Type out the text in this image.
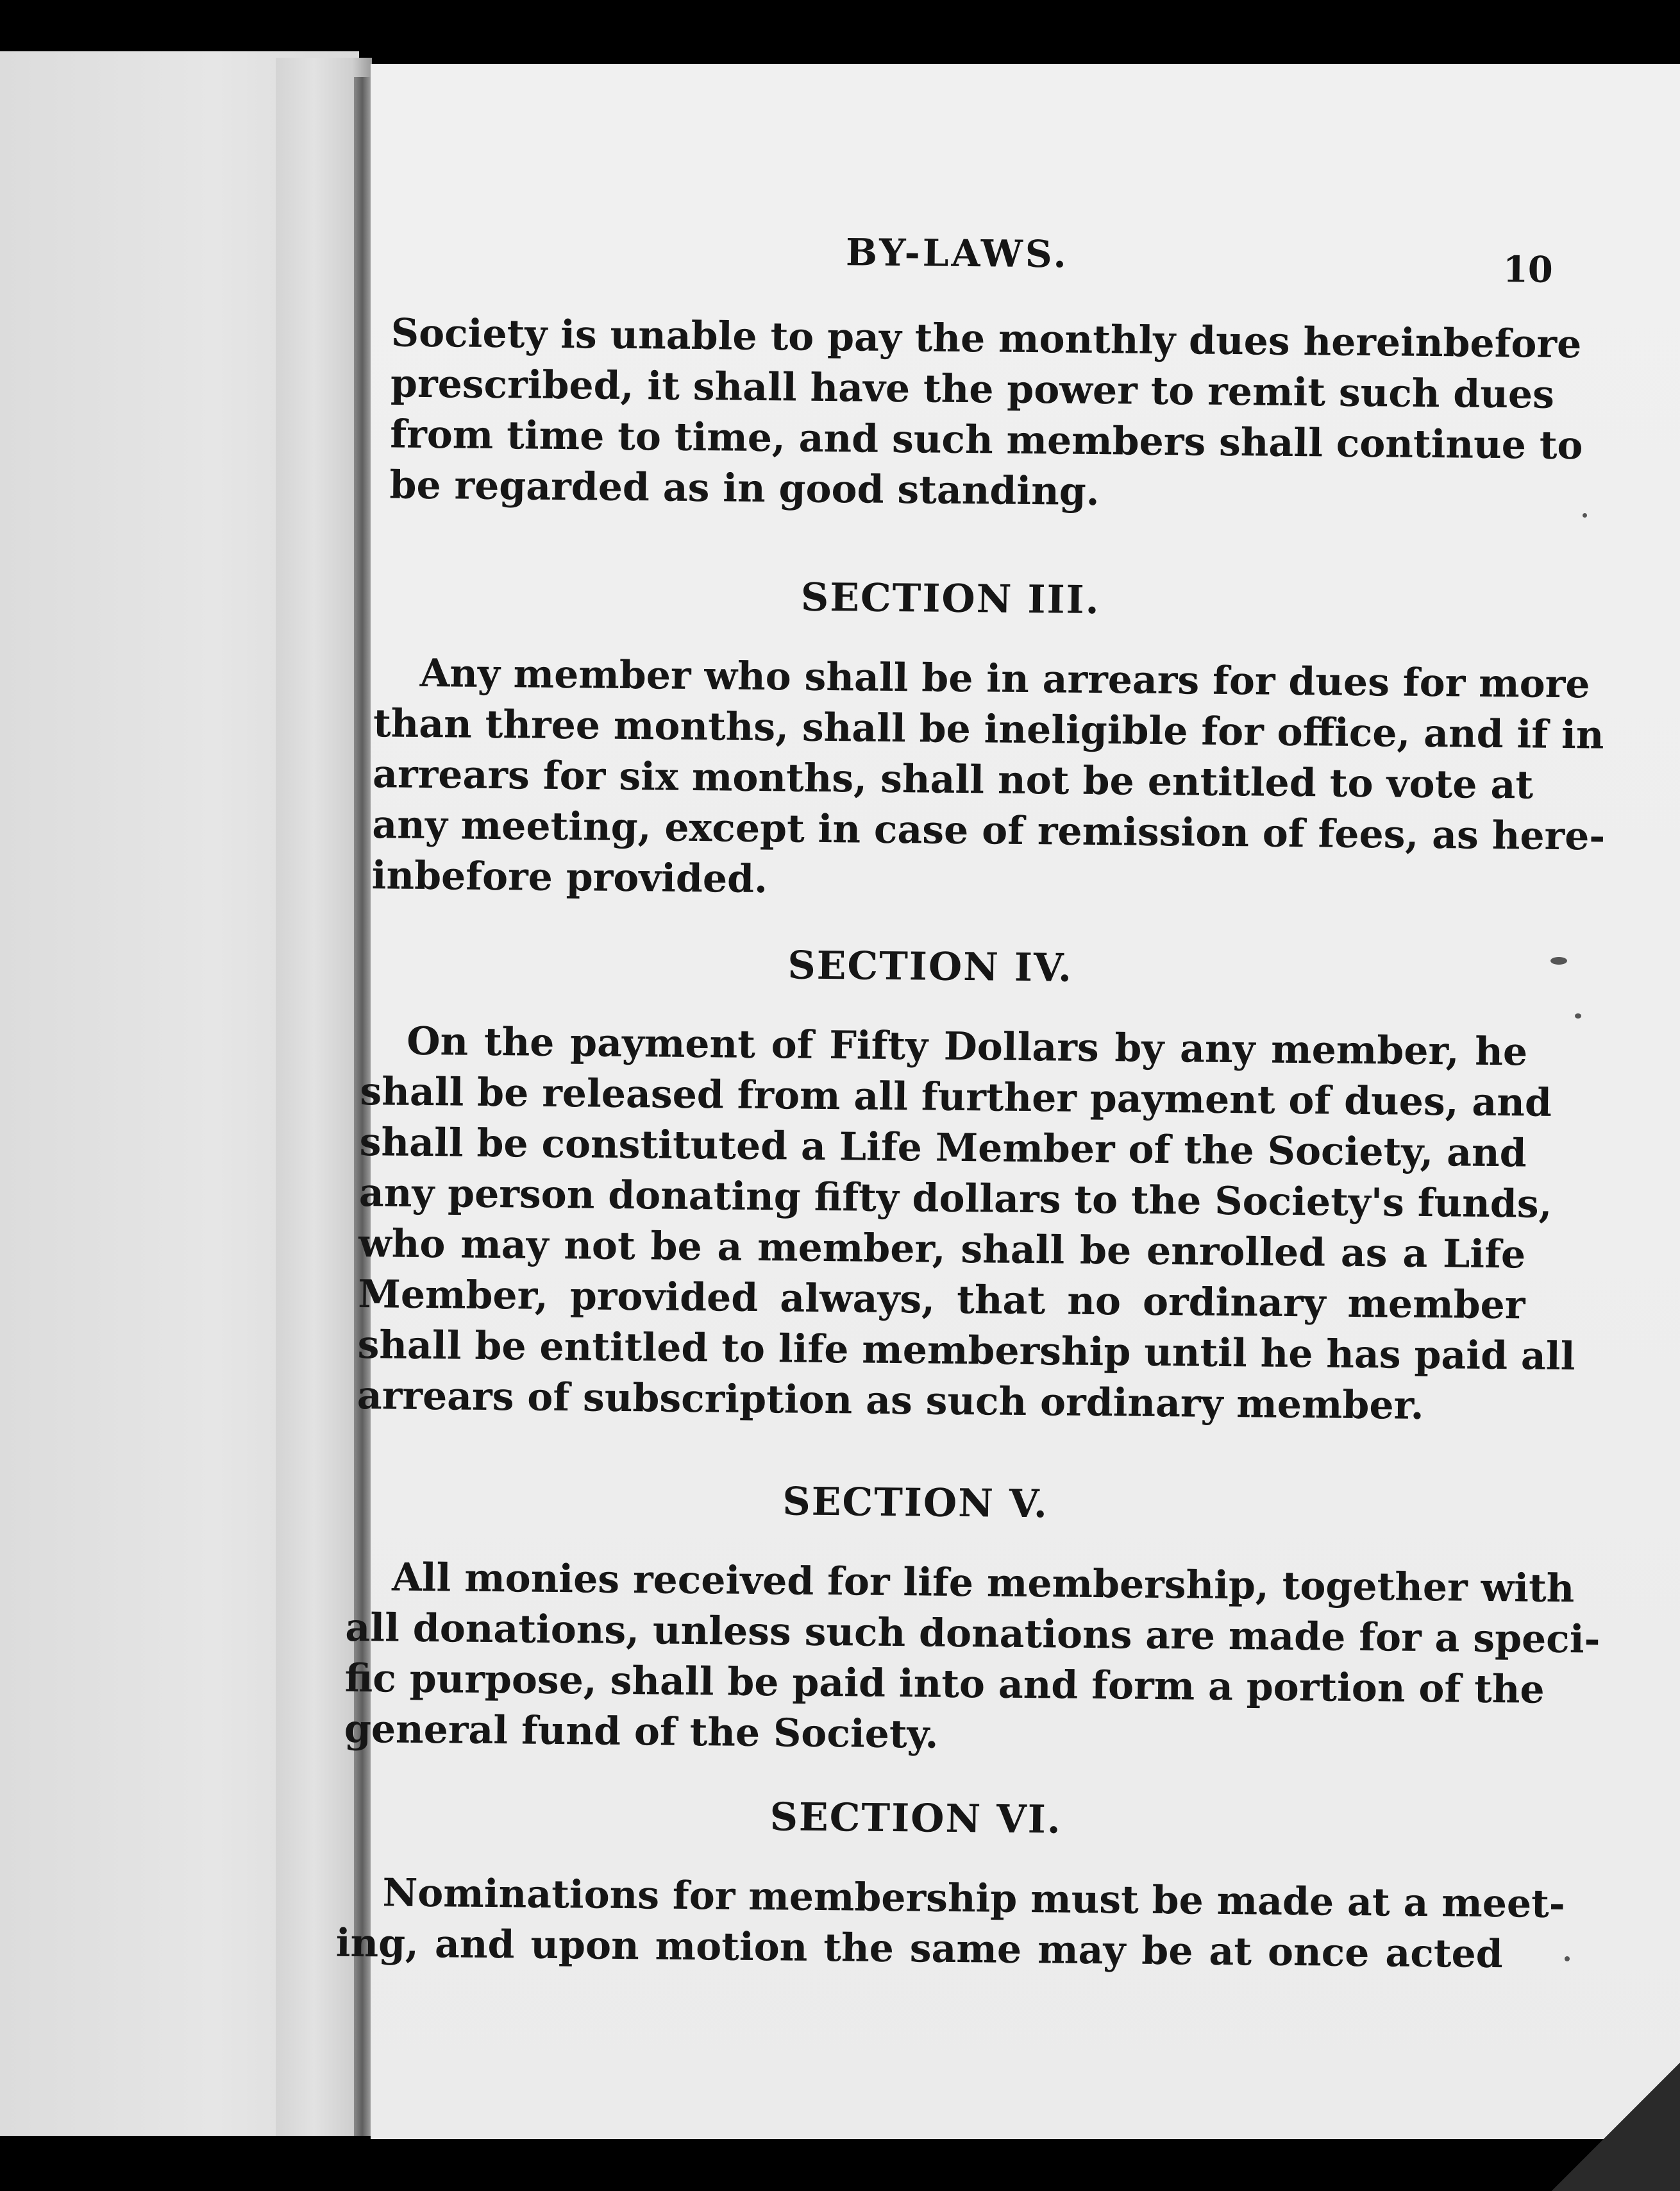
BY-LAWS.	10
Society is unable to pay the monthly dues hereinbefore
prescribed, it shall have the power to remit such dues
from time to time, and such members shall continue to
be regarded as in good standing.
SECTION III.
Any member who shall be in arrears for dues for more
than three months, shall be ineligible for office, and if in
arrears for six months, shall not be entitled to vote at
any meeting, except in case of remission of fees, as here-
inbefore provided.
SECTION IV.
On the payment of Fifty Dollars by any member, he
shall be released from all further payment of dues, and
shall be constituted a Life Member of the Society, and
any person donating fifty dollars to the Society's funds,
who may not be a member, shall be enrolled as a Life
Member, provided always, that no ordinary member
shall be entitled to life membership until he has paid all
arrears of subscription as such ordinary member.
SECTION V.
All monies received for life membership, together with
all donations, unless such donations are made for a speci-
fic purpose, shall be paid into and form a portion of the
general fund of the Society.
SECTION VI.
Nominations for membership must be made at a meet-
ing, and upon motion the same may be at once acted
